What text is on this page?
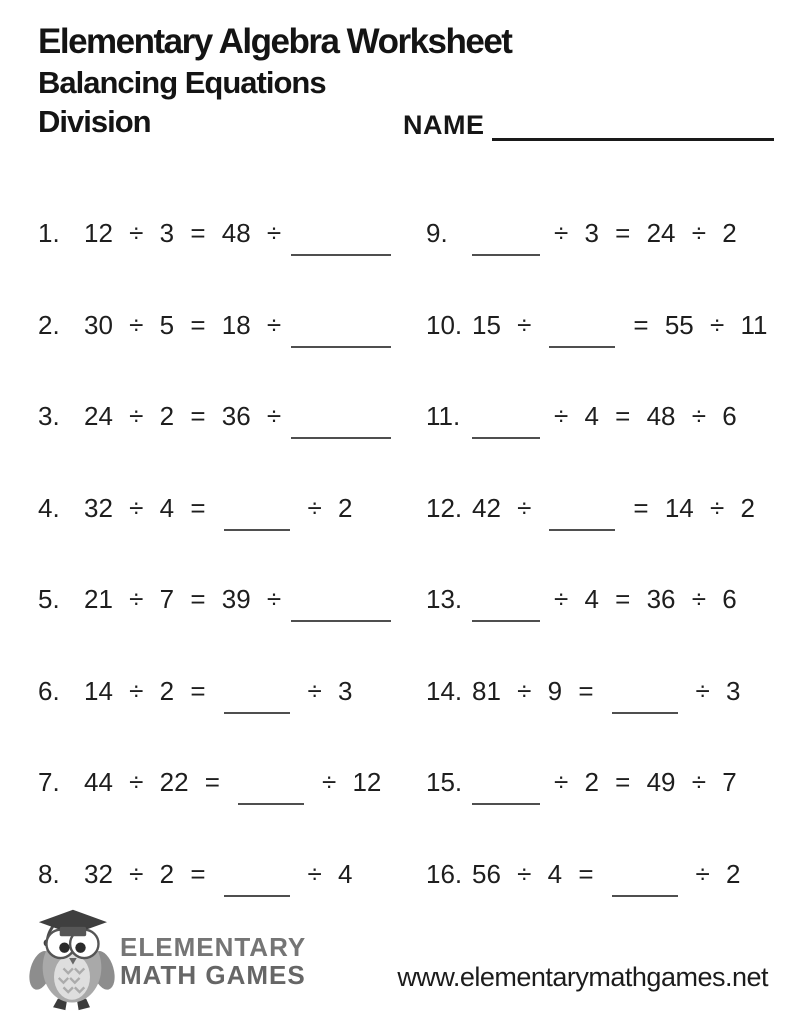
Elementary Algebra Worksheet
Balancing Equations
Division	NAME
1. 12 ÷ 3 = 48 ÷
2. 30 ÷ 5 = 18 ÷
3. 24 ÷ 2 = 36 ÷
4. 32 ÷ 4 =	÷ 2
5. 21 ÷ 7 = 39 ÷
6. 14 ÷ 2 =	÷ 3
7. 44 ÷ 22 =	÷ 12
8. 32 ÷ 2 =	÷ 4
9.	÷ 3 = 24 ÷ 2
10. 15 ÷	= 55 ÷ 11
11.	÷ 4 = 48 ÷ 6
12. 42 ÷	= 14 ÷ 2
13.	÷ 4 = 36 ÷ 6
14. 81 ÷ 9 =	÷ 3
15.	÷ 2 = 49 ÷ 7
16. 56 ÷ 4 =	÷ 2
ELEMENTARY
MATH GAMES	www.elementarymathgames.net
